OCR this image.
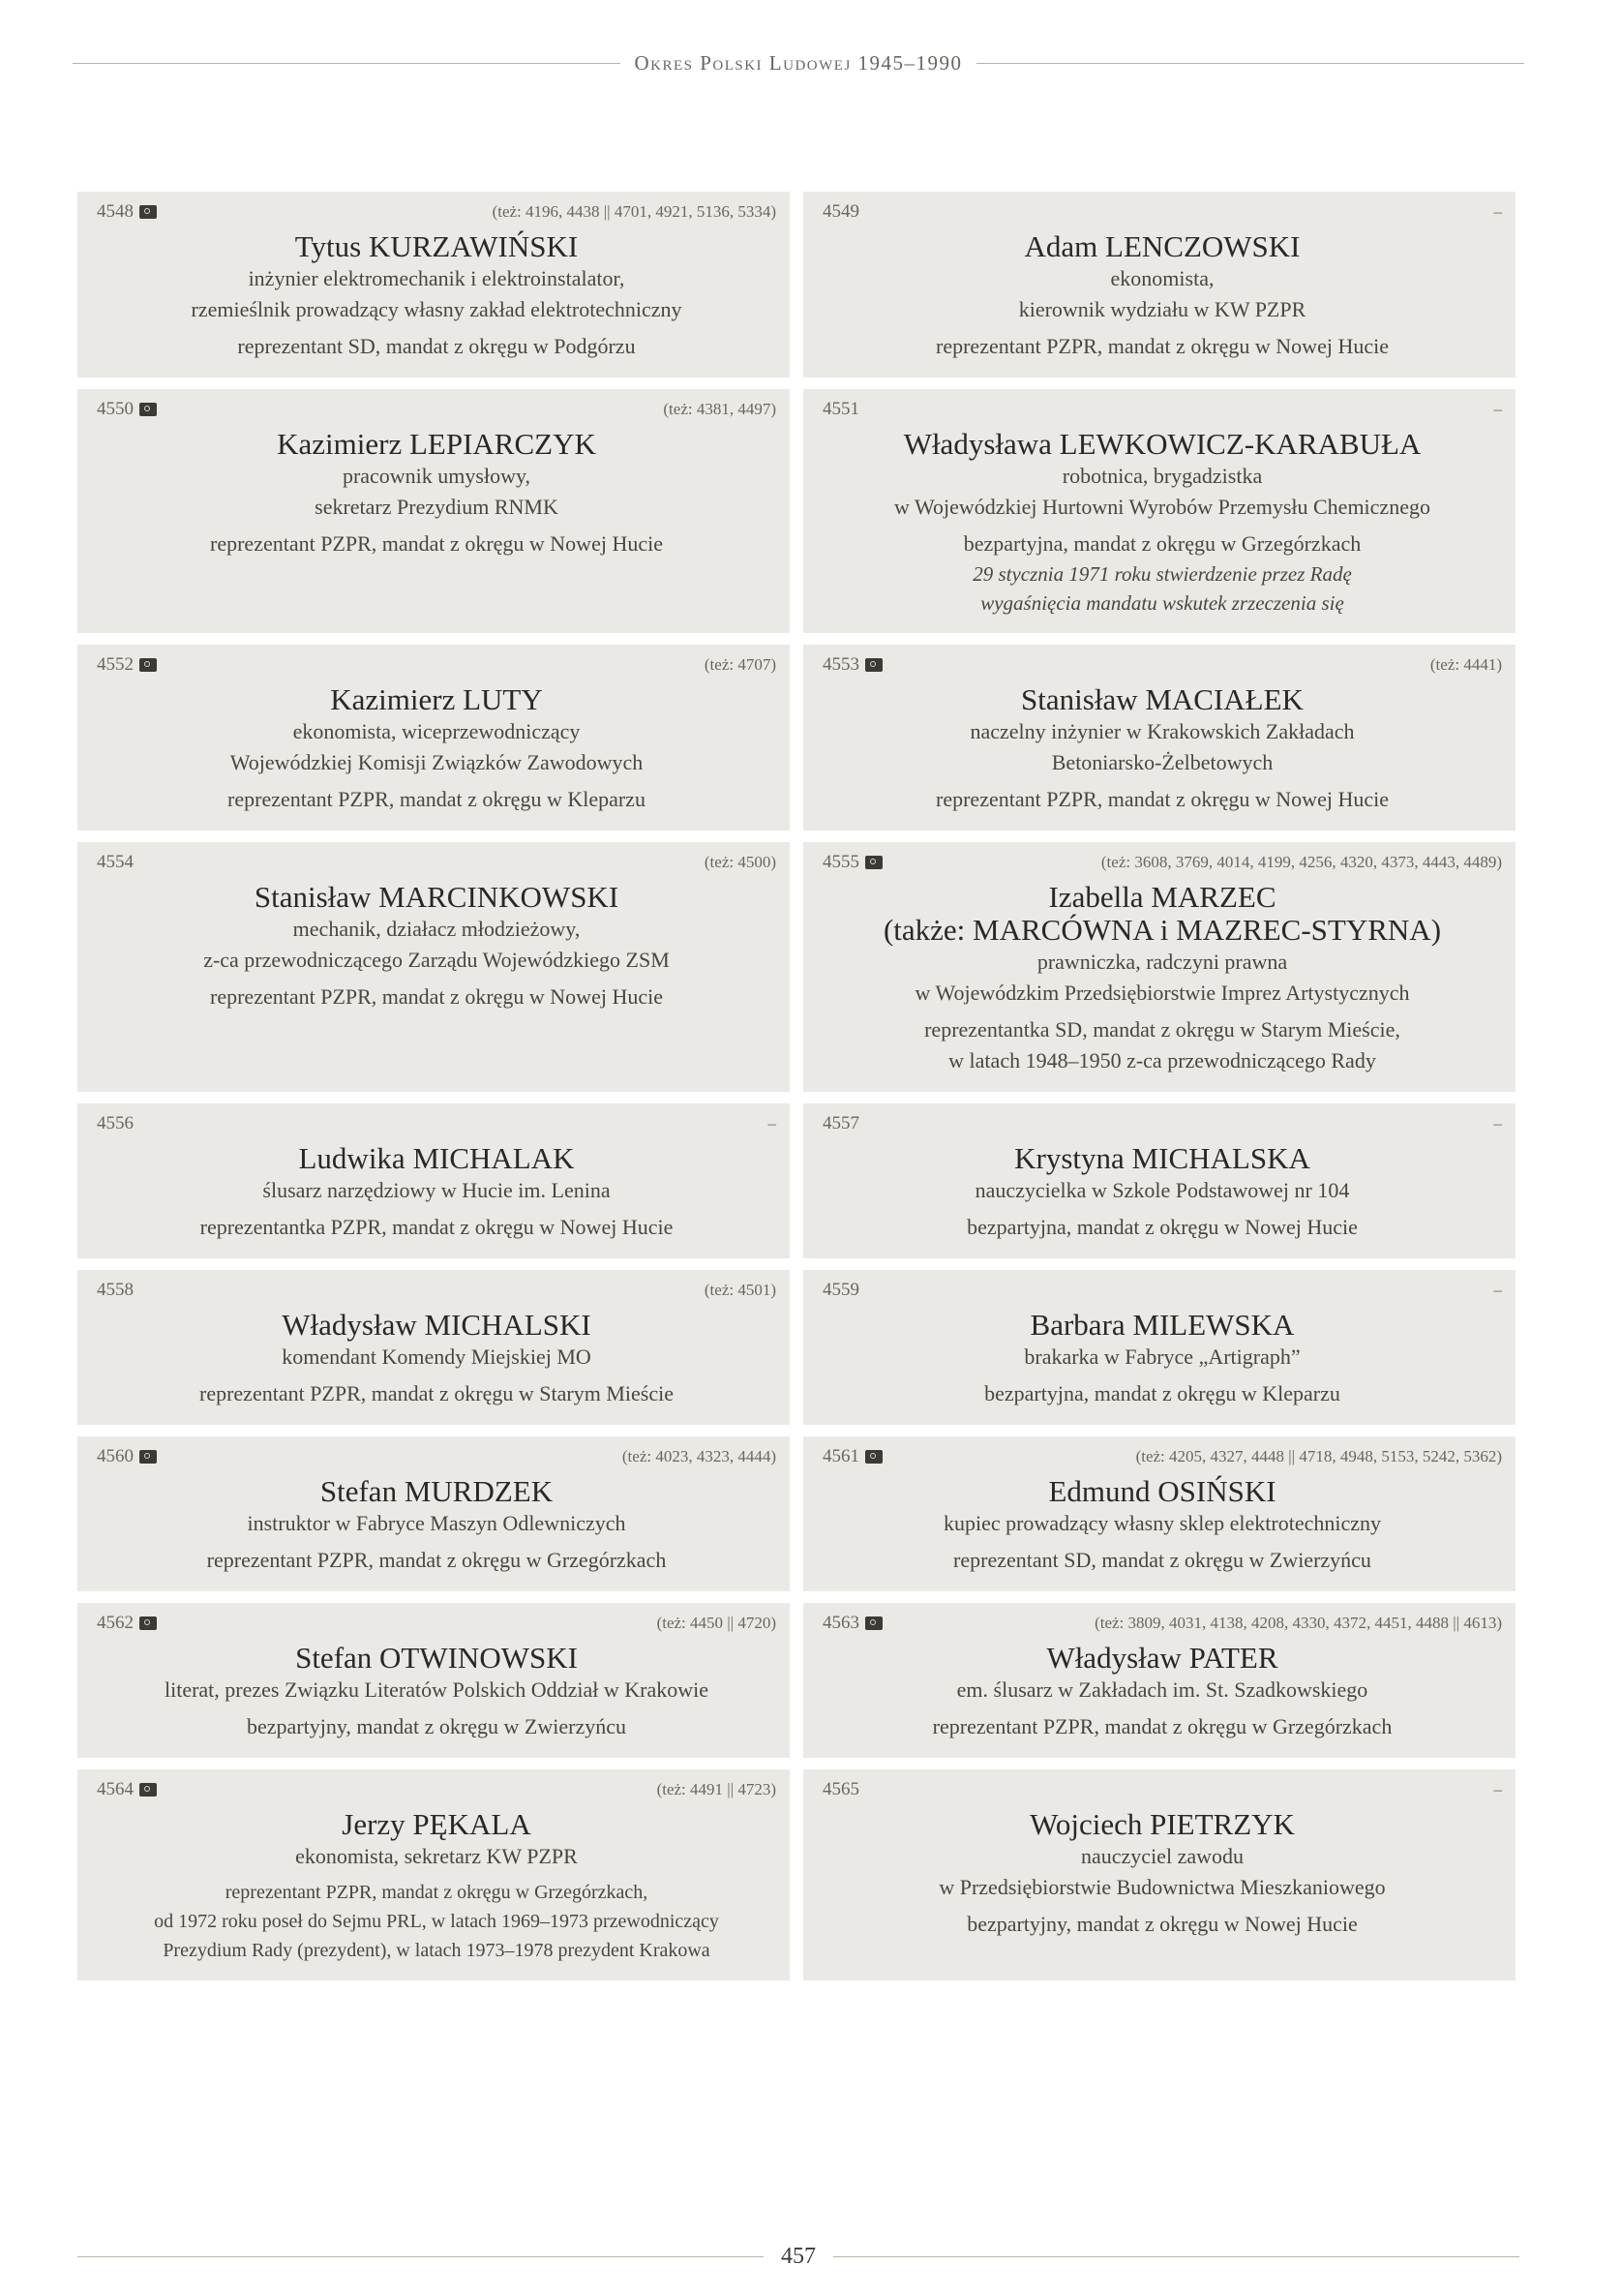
Okres Polski Ludowej 1945–1990
4548	(też: 4196, 4438 || 4701, 4921, 5136, 5334)
Tytus KURZAWIŃSKI
inżynier elektromechanik i elektroinstalator,
rzemieślnik prowadzący własny zakład elektrotechniczny
reprezentant SD, mandat z okręgu w Podgórzu
4549	–
Adam LENCZOWSKI
ekonomista,
kierownik wydziału w KW PZPR
reprezentant PZPR, mandat z okręgu w Nowej Hucie
4550	(też: 4381, 4497)
Kazimierz LEPIARCZYK
pracownik umysłowy,
sekretarz Prezydium RNMK
reprezentant PZPR, mandat z okręgu w Nowej Hucie
4551	–
Władysława LEWKOWICZ-KARABUŁA
robotnica, brygadzistka
w Wojewódzkiej Hurtowni Wyrobów Przemysłu Chemicznego
bezpartyjna, mandat z okręgu w Grzegórzkach
29 stycznia 1971 roku stwierdzenie przez Radę
wygaśnięcia mandatu wskutek zrzeczenia się
4552	(też: 4707)
Kazimierz LUTY
ekonomista, wiceprzewodniczący
Wojewódzkiej Komisji Związków Zawodowych
reprezentant PZPR, mandat z okręgu w Kleparzu
4553	(też: 4441)
Stanisław MACIAŁEK
naczelny inżynier w Krakowskich Zakładach
Betoniarsko-Żelbetowych
reprezentant PZPR, mandat z okręgu w Nowej Hucie
4554	(też: 4500)
Stanisław MARCINKOWSKI
mechanik, działacz młodzieżowy,
z-ca przewodniczącego Zarządu Wojewódzkiego ZSM
reprezentant PZPR, mandat z okręgu w Nowej Hucie
4555	(też: 3608, 3769, 4014, 4199, 4256, 4320, 4373, 4443, 4489)
Izabella MARZEC
(także: MARCÓWNA i MAZREC-STYRNA)
prawniczka, radczyni prawna
w Wojewódzkim Przedsiębiorstwie Imprez Artystycznych
reprezentantka SD, mandat z okręgu w Starym Mieście,
w latach 1948–1950 z-ca przewodniczącego Rady
4556	–
Ludwika MICHALAK
ślusarz narzędziowy w Hucie im. Lenina
reprezentantka PZPR, mandat z okręgu w Nowej Hucie
4557	–
Krystyna MICHALSKA
nauczycielka w Szkole Podstawowej nr 104
bezpartyjna, mandat z okręgu w Nowej Hucie
4558	(też: 4501)
Władysław MICHALSKI
komendant Komendy Miejskiej MO
reprezentant PZPR, mandat z okręgu w Starym Mieście
4559	–
Barbara MILEWSKA
brakarka w Fabryce „Artigraph”
bezpartyjna, mandat z okręgu w Kleparzu
4560	(też: 4023, 4323, 4444)
Stefan MURDZEK
instruktor w Fabryce Maszyn Odlewniczych
reprezentant PZPR, mandat z okręgu w Grzegórzkach
4561	(też: 4205, 4327, 4448 || 4718, 4948, 5153, 5242, 5362)
Edmund OSIŃSKI
kupiec prowadzący własny sklep elektrotechniczny
reprezentant SD, mandat z okręgu w Zwierzyńcu
4562	(też: 4450 || 4720)
Stefan OTWINOWSKI
literat, prezes Związku Literatów Polskich Oddział w Krakowie
bezpartyjny, mandat z okręgu w Zwierzyńcu
4563	(też: 3809, 4031, 4138, 4208, 4330, 4372, 4451, 4488 || 4613)
Władysław PATER
em. ślusarz w Zakładach im. St. Szadkowskiego
reprezentant PZPR, mandat z okręgu w Grzegórzkach
4564	(też: 4491 || 4723)
Jerzy PĘKALA
ekonomista, sekretarz KW PZPR
reprezentant PZPR, mandat z okręgu w Grzegórzkach,
od 1972 roku poseł do Sejmu PRL, w latach 1969–1973 przewodniczący
Prezydium Rady (prezydent), w latach 1973–1978 prezydent Krakowa
4565	–
Wojciech PIETRZYK
nauczyciel zawodu
w Przedsiębiorstwie Budownictwa Mieszkaniowego
bezpartyjny, mandat z okręgu w Nowej Hucie
457
